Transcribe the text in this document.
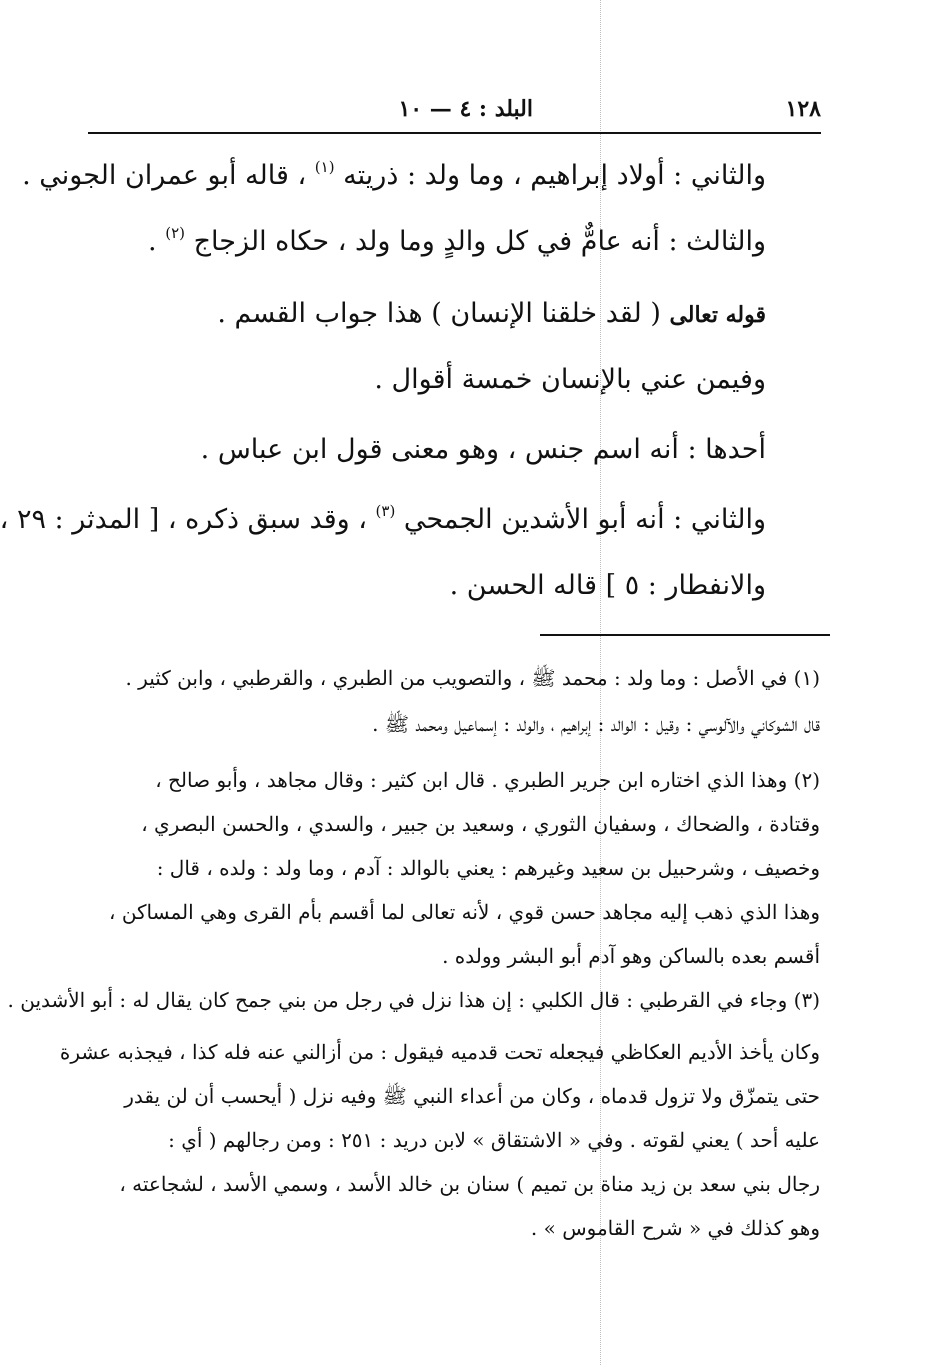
١٢٨
البلد : ٤ — ١٠
والثاني : أولاد إبراهيم ، وما ولد : ذريته $^{(١)}$ ، قاله أبو عمران الجوني .
والثالث : أنه عامٌّ في كل والدٍ وما ولد ، حكاه الزجاج $^{(٢)}$ .
قوله تعالى ( لقد خلقنا الإنسان ) هذا جواب القسم .
وفيمن عني بالإنسان خمسة أقوال .
أحدها : أنه اسم جنس ، وهو معنى قول ابن عباس .
والثاني : أنه أبو الأشدين الجمحي $^{(٣)}$ ، وقد سبق ذكره ، [ المدثر : ٢٩ ،
والانفطار : ٥ ] قاله الحسن .
(١) في الأصل : وما ولد : محمد ﷺ ، والتصويب من الطبري ، والقرطبي ، وابن كثير .
قال الشوكاني والآلوسي : وقيل : الوالد : إبراهيم ، والولد : إسماعيل ومحمد ﷺ .
(٢) وهذا الذي اختاره ابن جرير الطبري . قال ابن كثير : وقال مجاهد ، وأبو صالح ،
وقتادة ، والضحاك ، وسفيان الثوري ، وسعيد بن جبير ، والسدي ، والحسن البصري ،
وخصيف ، وشرحبيل بن سعيد وغيرهم : يعني بالوالد : آدم ، وما ولد : ولده ، قال :
وهذا الذي ذهب إليه مجاهد حسن قوي ، لأنه تعالى لما أقسم بأم القرى وهي المساكن ،
أقسم بعده بالساكن وهو آدم أبو البشر وولده .
(٣) وجاء في القرطبي : قال الكلبي : إن هذا نزل في رجل من بني جمح كان يقال له : أبو الأشدين .
وكان يأخذ الأديم العكاظي فيجعله تحت قدميه فيقول : من أزالني عنه فله كذا ، فيجذبه عشرة
حتى يتمزّق ولا تزول قدماه ، وكان من أعداء النبي ﷺ وفيه نزل ( أيحسب أن لن يقدر
عليه أحد ) يعني لقوته . وفي « الاشتقاق » لابن دريد : ٢٥١ : ومن رجالهم ( أي :
رجال بني سعد بن زيد مناة بن تميم ) سنان بن خالد الأسد ، وسمي الأسد ، لشجاعته ،
وهو كذلك في « شرح القاموس » .
